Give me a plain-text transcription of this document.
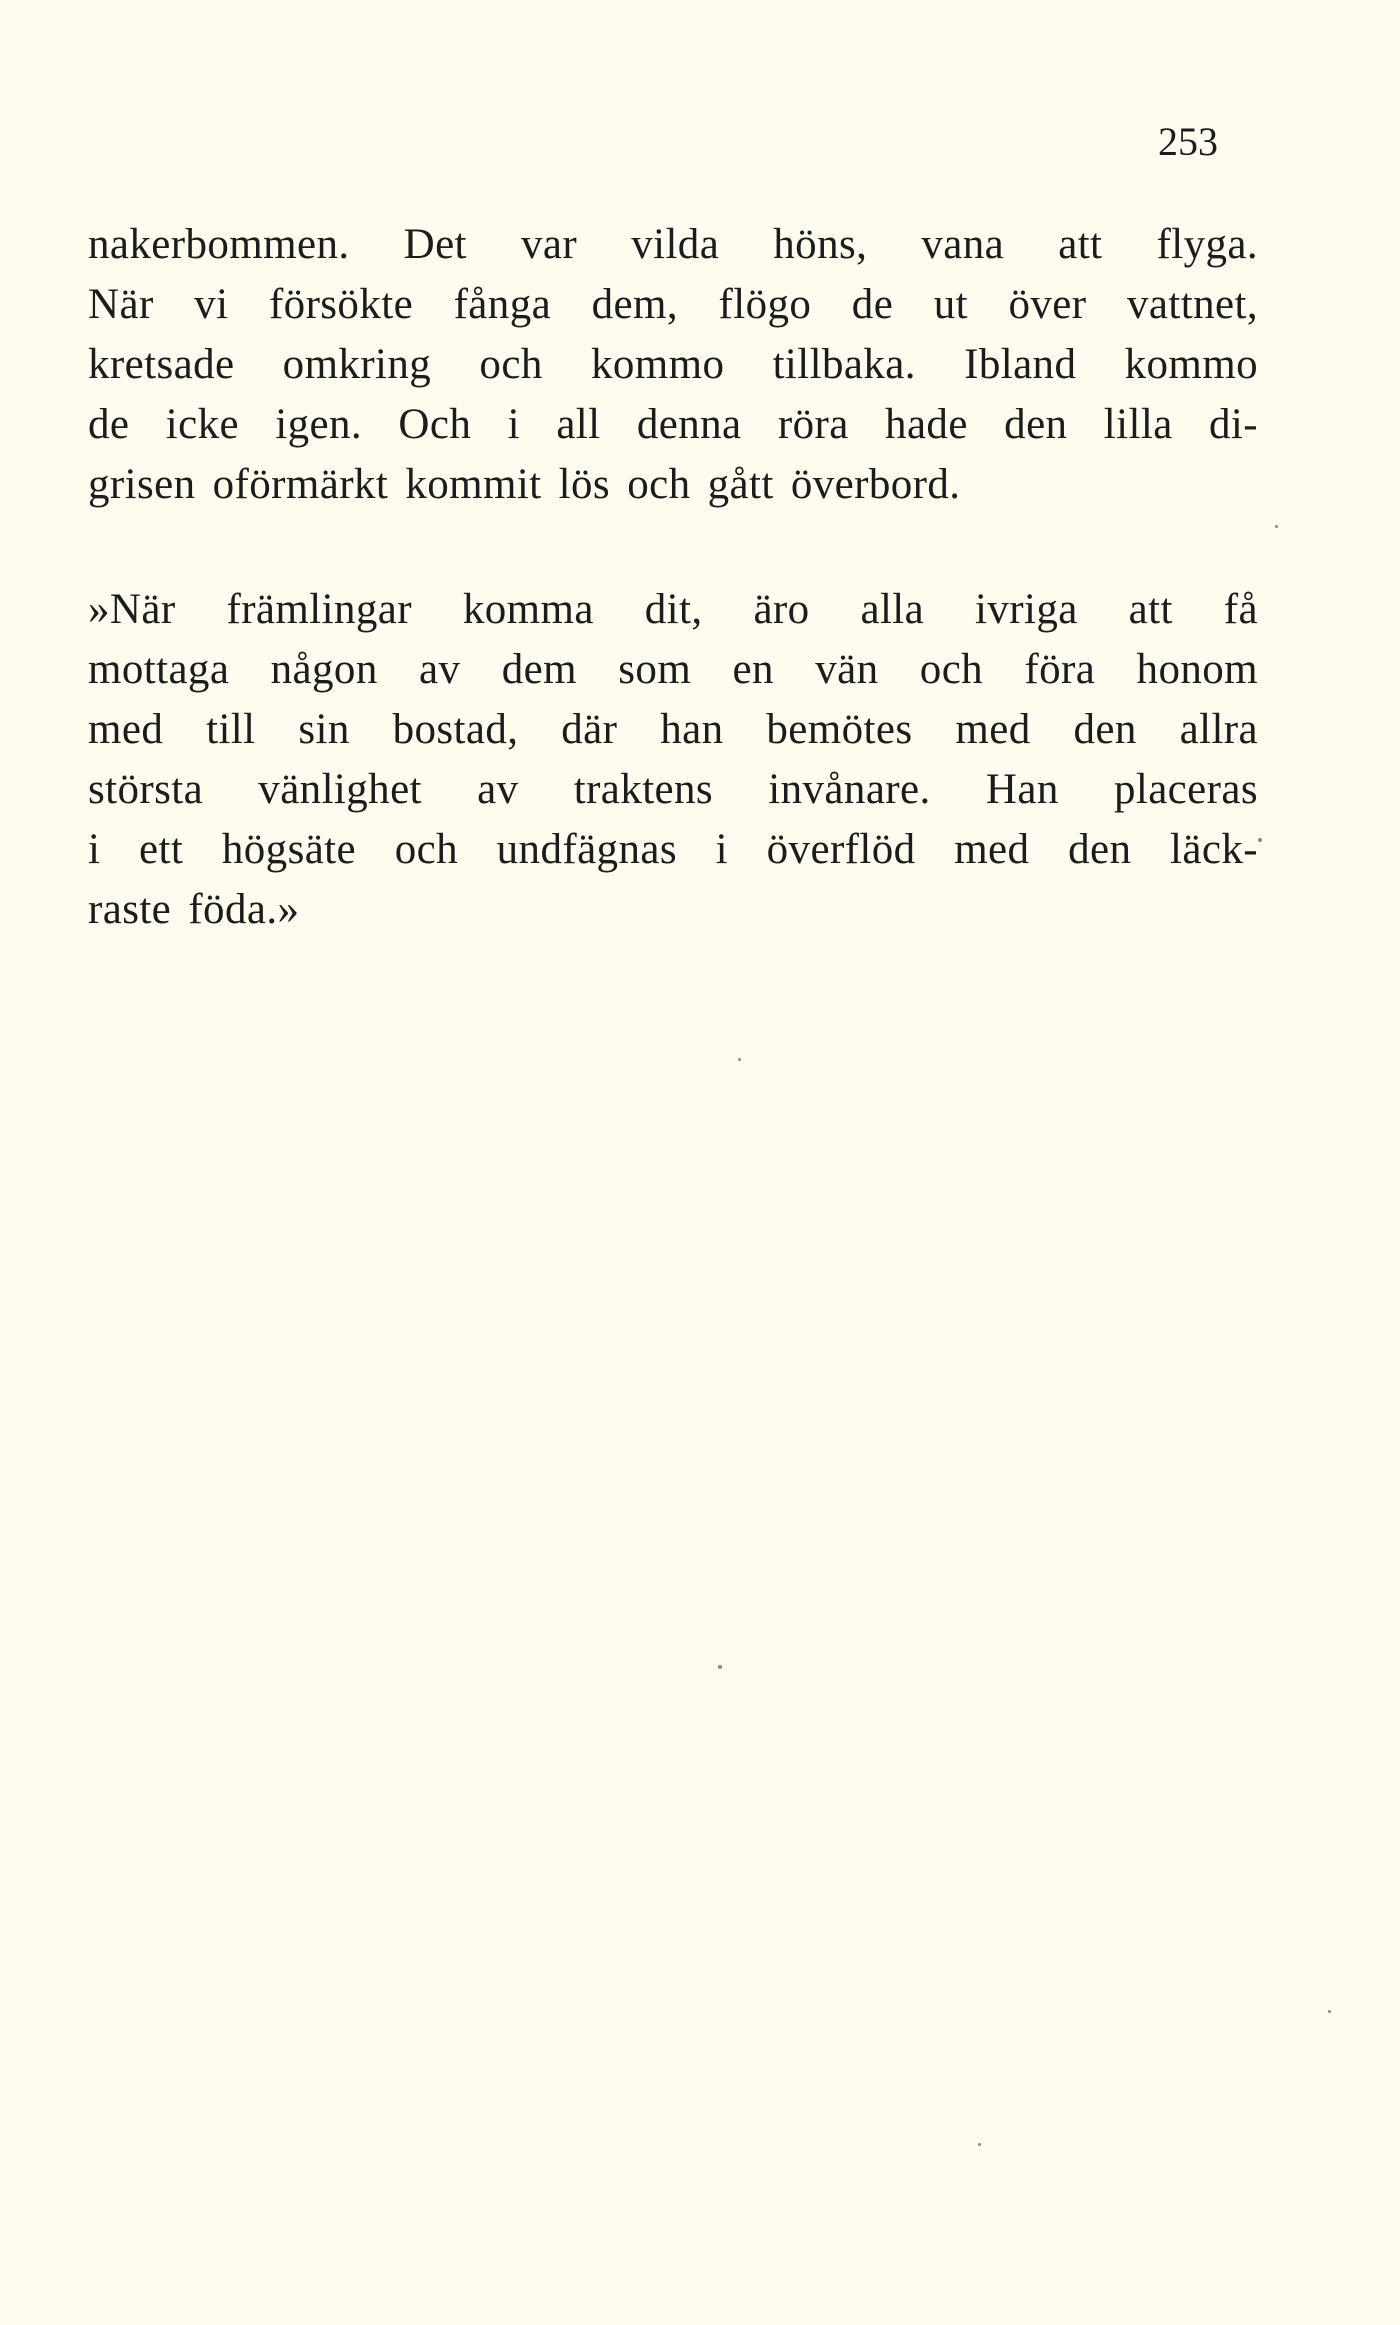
253
nakerbommen. Det var vilda höns, vana att flyga.
När vi försökte fånga dem, flögo de ut över vattnet,
kretsade omkring och kommo tillbaka. Ibland kommo
de icke igen. Och i all denna röra hade den lilla di-
grisen oförmärkt kommit lös och gått överbord.
»När främlingar komma dit, äro alla ivriga att få
mottaga någon av dem som en vän och föra honom
med till sin bostad, där han bemötes med den allra
största vänlighet av traktens invånare. Han placeras
i ett högsäte och undfägnas i överflöd med den läck-
raste föda.»
